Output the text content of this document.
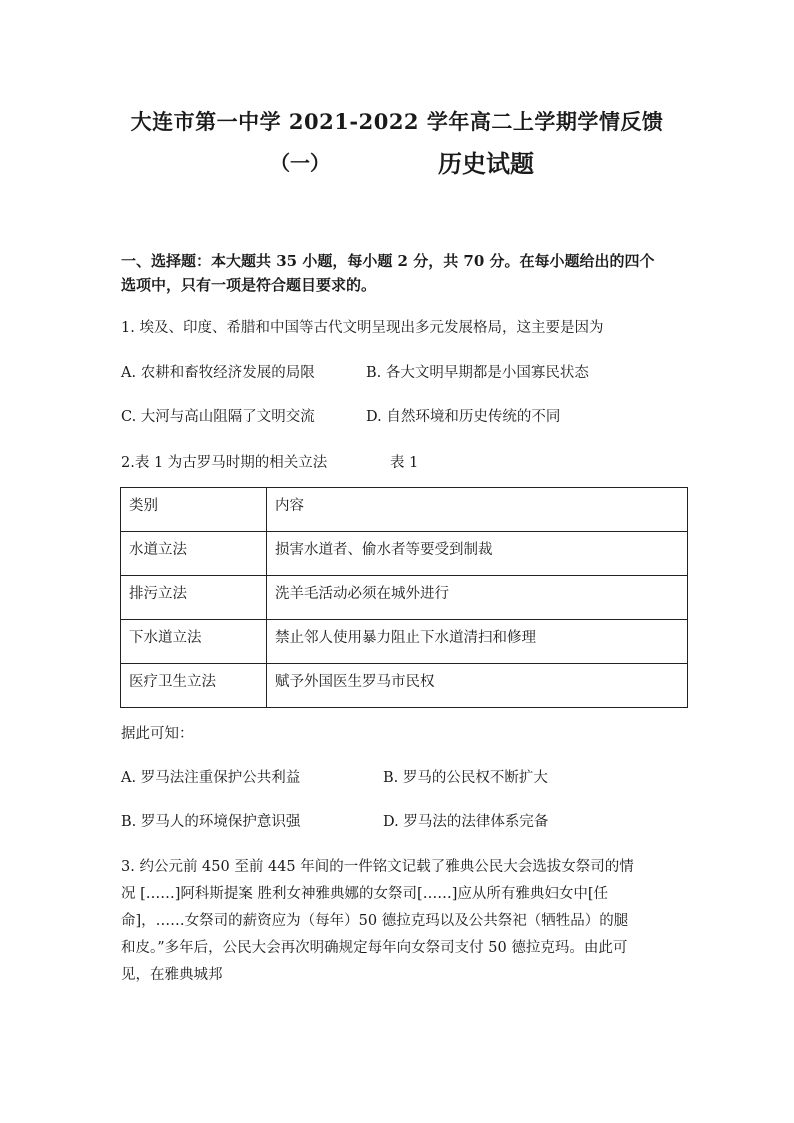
大连市第一中学 2021-2022 学年高二上学期学情反馈
（一）	历史试题
一、选择题：本大题共 35 小题，每小题 2 分，共 70 分。在每小题给出的四个
选项中，只有一项是符合题目要求的。
1. 埃及、印度、希腊和中国等古代文明呈现出多元发展格局，这主要是因为
A. 农耕和畜牧经济发展的局限	B. 各大文明早期都是小国寡民状态
C. 大河与高山阻隔了文明交流	D. 自然环境和历史传统的不同
2.表 1 为古罗马时期的相关立法	表 1
类别	内容
水道立法	损害水道者、偷水者等要受到制裁
排污立法	洗羊毛活动必须在城外进行
下水道立法	禁止邻人使用暴力阻止下水道清扫和修理
医疗卫生立法	赋予外国医生罗马市民权
据此可知：
A. 罗马法注重保护公共利益	B. 罗马的公民权不断扩大
B. 罗马人的环境保护意识强	D. 罗马法的法律体系完备
3. 约公元前 450 至前 445 年间的一件铭文记载了雅典公民大会选拔女祭司的情
况 [……]阿科斯提案 胜利女神雅典娜的女祭司[……]应从所有雅典妇女中[任
命]，……女祭司的薪资应为（每年）50 德拉克玛以及公共祭祀（牺牲品）的腿
和皮。”多年后，公民大会再次明确规定每年向女祭司支付 50 德拉克玛。由此可
见，在雅典城邦
